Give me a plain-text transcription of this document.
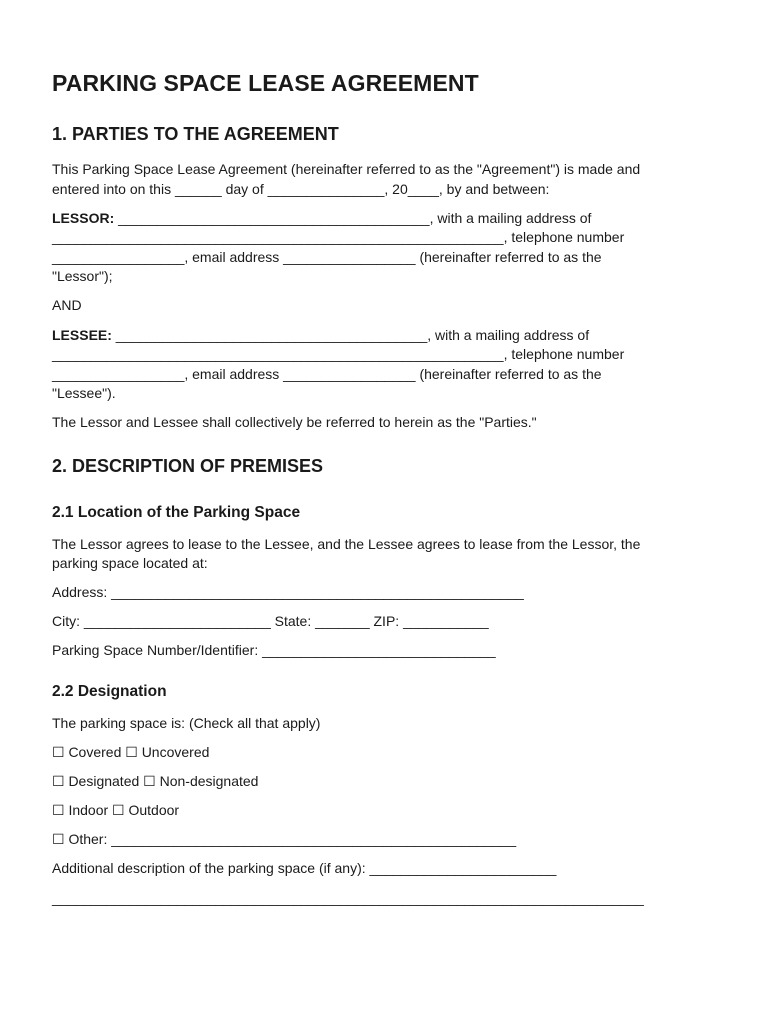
PARKING SPACE LEASE AGREEMENT
1. PARTIES TO THE AGREEMENT

This Parking Space Lease Agreement (hereinafter referred to as the "Agreement") is made and

entered into on this ______ day of _______________, 20____, by and between:

LESSOR: ________________________________________, with a mailing address of

__________________________________________________________, telephone number

_________________, email address _________________ (hereinafter referred to as the

"Lessor");

AND

LESSEE: ________________________________________, with a mailing address of

__________________________________________________________, telephone number

_________________, email address _________________ (hereinafter referred to as the

"Lessee").

The Lessor and Lessee shall collectively be referred to herein as the "Parties."

2. DESCRIPTION OF PREMISES
2.1 Location of the Parking Space

The Lessor agrees to lease to the Lessee, and the Lessee agrees to lease from the Lessor, the

parking space located at:

Address: _____________________________________________________

City: ________________________ State: _______ ZIP: ___________

Parking Space Number/Identifier: ______________________________

2.2 Designation

The parking space is: (Check all that apply)

☐ Covered ☐ Uncovered

☐ Designated ☐ Non-designated

☐ Indoor ☐ Outdoor

☐ Other: ____________________________________________________

Additional description of the parking space (if any): ________________________

____________________________________________________________________________
